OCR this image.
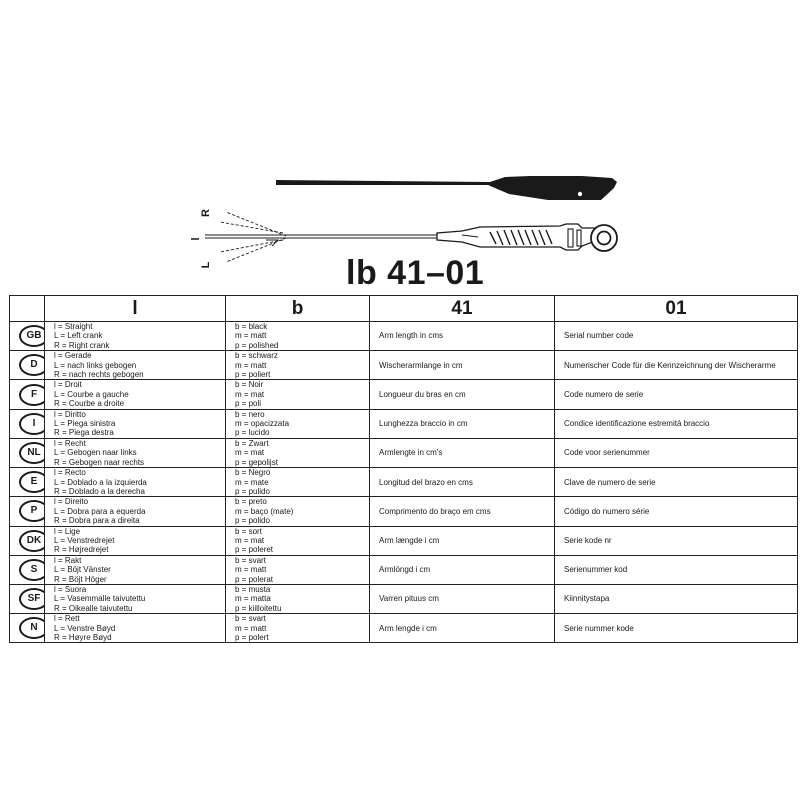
R
l
L	lb 41–01
	l	b	41	01
GB	l = Straight
L = Left crank
R = Right crank	b = black
m = matt
p = polished	Arm length in cms	Serial number code
D	l = Gerade
L = nach links gebogen
R = nach rechts gebogen	b = schwarz
m = matt
p = poliert	Wischerarmlange in cm	Numerischer Code für die Kennzeichnung der Wischerarme
F	l = Droit
L = Courbe a gauche
R = Courbe a droite	b = Noir
m = mat
p = poli	Longueur du bras en cm	Code numero de serie
I	l = Diritto
L = Piega sinistra
R = Piega destra	b = nero
m = opacizzata
p = lucido	Lunghezza braccio in cm	Condice identificazione estremitá braccio
NL	l = Recht
L = Gebogen naar links
R = Gebogen naar rechts	b = Zwart
m = mat
p = gepolijst	Armlengte in cm's	Code voor serienummer
E	l = Recto
L = Doblado a la izquierda
R = Doblado a la derecha	b = Negro
m = mate
p = pulido	Longitud del brazo en cms	Clave de numero de serie
P	l = Direito
L = Dobra para a equerda
R = Dobra para a direita	b = preto
m = baço (mate)
p = polido	Comprimento do braço em cms	Código do numero série
DK	l = Lige
L = Venstredrejet
R = Højredrejet	b = sort
m = mat
p = poleret	Arm længde i cm	Serie kode nr
S	l = Rakt
L = Böjt Vänster
R = Böjt Höger	b = svart
m = matt
p = polerat	Armlöngd i cm	Serienummer kod
SF	l = Suora
L = Vasemmalle taivutettu
R = Oikealle taivutettu	b = musta
m = matta
p = kiilloitettu	Varren pituus cm	Kiinnitystapa
N	l = Rett
L = Venstre Bøyd
R = Høyre Bøyd	b = svart
m = matt
p = polert	Arm lengde i cm	Serie nummer kode
